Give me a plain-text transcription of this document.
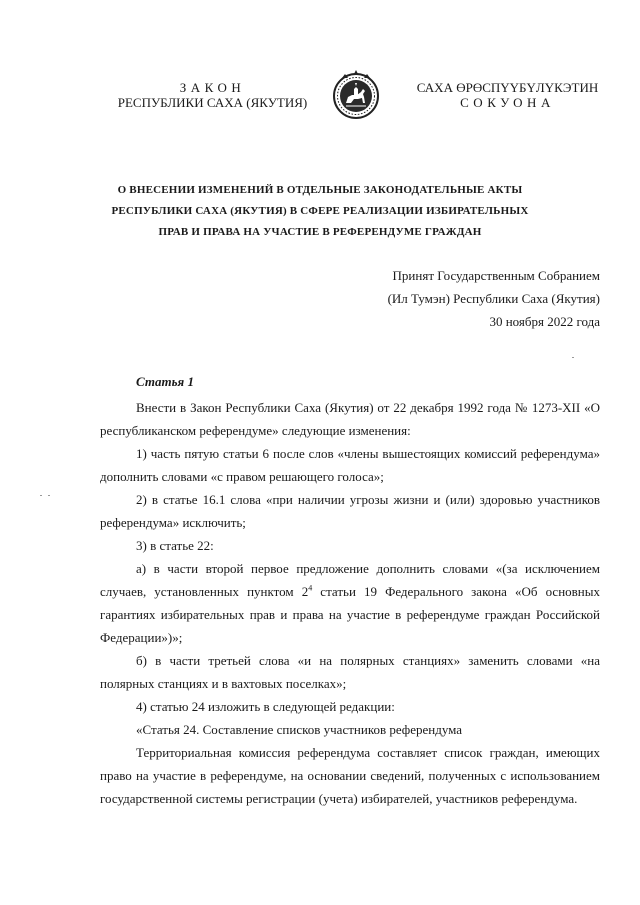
ЗАКОН
РЕСПУБЛИКИ САХА (ЯКУТИЯ)
САХА ӨРӨСПҮҮБҮЛҮКЭТИН
СОКУОНА
О ВНЕСЕНИИ ИЗМЕНЕНИЙ В ОТДЕЛЬНЫЕ ЗАКОНОДАТЕЛЬНЫЕ АКТЫ
РЕСПУБЛИКИ САХА (ЯКУТИЯ) В СФЕРЕ РЕАЛИЗАЦИИ ИЗБИРАТЕЛЬНЫХ
ПРАВ И ПРАВА НА УЧАСТИЕ В РЕФЕРЕНДУМЕ ГРАЖДАН
Принят Государственным Собранием
(Ил Тумэн) Республики Саха (Якутия)
30 ноября 2022 года
Статья 1

Внести в Закон Республики Саха (Якутия) от 22 декабря 1992 года № 1273-XII «О республиканском референдуме» следующие изменения:

1) часть пятую статьи 6 после слов «члены вышестоящих комиссий референдума» дополнить словами «с правом решающего голоса»;

2) в статье 16.1 слова «при наличии угрозы жизни и (или) здоровью участников референдума» исключить;

3) в статье 22:

а) в части второй первое предложение дополнить словами «(за исключением случаев, установленных пунктом $2^4$ статьи 19 Федерального закона «Об основных гарантиях избирательных прав и права на участие в референдуме граждан Российской Федерации»)»;

б) в части третьей слова «и на полярных станциях» заменить словами «на полярных станциях и в вахтовых поселках»;

4) статью 24 изложить в следующей редакции:

«Статья 24. Составление списков участников референдума

Территориальная комиссия референдума составляет список граждан, имеющих право на участие в референдуме, на основании сведений, полученных с использованием государственной системы регистрации (учета) избирателей, участников референдума.
